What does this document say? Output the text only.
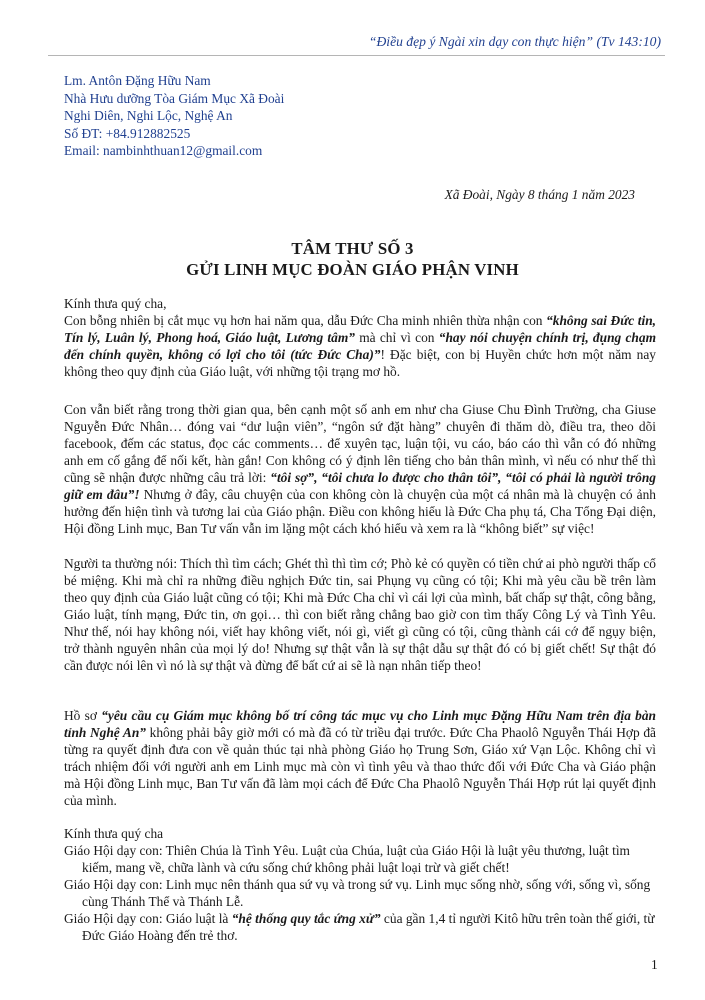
“Điều đẹp ý Ngài xin dạy con thực hiện” (Tv 143:10)
Lm. Antôn Đặng Hữu Nam
Nhà Hưu dưỡng Tòa Giám Mục Xã Đoài
Nghi Diên, Nghi Lộc, Nghệ An
Số ĐT: +84.912882525
Email: nambinhthuan12@gmail.com
Xã Đoài, Ngày 8 tháng 1 năm 2023
TÂM THƯ SỐ 3
GỬI LINH MỤC ĐOÀN GIÁO PHẬN VINH

Kính thưa quý cha,

Con bỗng nhiên bị cắt mục vụ hơn hai năm qua, dẫu Đức Cha minh nhiên thừa nhận con “không sai Đức tin, Tín lý, Luân lý, Phong hoá, Giáo luật, Lương tâm” mà chỉ vì con “hay nói chuyện chính trị, đụng chạm đến chính quyền, không có lợi cho tôi (tức Đức Cha)”! Đặc biệt, con bị Huyền chức hơn một năm nay không theo quy định của Giáo luật, với những tội trạng mơ hồ.

Con vẫn biết rằng trong thời gian qua, bên cạnh một số anh em như cha Giuse Chu Đình Trường, cha Giuse Nguyễn Đức Nhân… đóng vai “dư luận viên”, “ngôn sứ đặt hàng” chuyên đi thăm dò, điều tra, theo dõi facebook, đếm các status, đọc các comments… để xuyên tạc, luận tội, vu cáo, báo cáo thì vẫn có đó những anh em cố gắng để nối kết, hàn gắn! Con không có ý định lên tiếng cho bản thân mình, vì nếu có như thế thì cũng sẽ nhận được những câu trả lời: “tôi sợ”, “tôi chưa lo được cho thân tôi”, “tôi có phải là người trông giữ em đâu”! Nhưng ở đây, câu chuyện của con không còn là chuyện của một cá nhân mà là chuyện có ảnh hưởng đến hiện tình và tương lai của Giáo phận. Điều con không hiểu là Đức Cha phụ tá, Cha Tổng Đại diện, Hội đồng Linh mục, Ban Tư vấn vẫn im lặng một cách khó hiểu và xem ra là “không biết” sự việc!

Người ta thường nói: Thích thì tìm cách; Ghét thì thì tìm cớ; Phò kẻ có quyền có tiền chứ ai phò người thấp cổ bé miệng. Khi mà chỉ ra những điều nghịch Đức tin, sai Phụng vụ cũng có tội; Khi mà yêu cầu bề trên làm theo quy định của Giáo luật cũng có tội; Khi mà Đức Cha chỉ vì cái lợi của mình, bất chấp sự thật, công bằng, Giáo luật, tính mạng, Đức tin, ơn gọi… thì con biết rằng chẳng bao giờ con tìm thấy Công Lý và Tình Yêu. Như thế, nói hay không nói, viết hay không viết, nói gì, viết gì cũng có tội, cũng thành cái cớ để ngụy biện, trở thành nguyên nhân của mọi lý do! Nhưng sự thật vẫn là sự thật dẫu sự thật đó có bị giết chết! Sự thật đó cần được nói lên vì nó là sự thật và đừng để bất cứ ai sẽ là nạn nhân tiếp theo!

Hồ sơ “yêu cầu cụ Giám mục không bố trí công tác mục vụ cho Linh mục Đặng Hữu Nam trên địa bàn tỉnh Nghệ An” không phải bây giờ mới có mà đã có từ triều đại trước. Đức Cha Phaolô Nguyễn Thái Hợp đã từng ra quyết định đưa con về quản thúc tại nhà phòng Giáo họ Trung Sơn, Giáo xứ Vạn Lộc. Không chỉ vì trách nhiệm đối với người anh em Linh mục mà còn vì tình yêu và thao thức đối với Đức Cha và Giáo phận mà Hội đồng Linh mục, Ban Tư vấn đã làm mọi cách để Đức Cha Phaolô Nguyễn Thái Hợp rút lại quyết định của mình.

Kính thưa quý cha

Giáo Hội dạy con: Thiên Chúa là Tình Yêu. Luật của Chúa, luật của Giáo Hội là luật yêu thương, luật tìm kiếm, mang về, chữa lành và cứu sống chứ không phải luật loại trừ và giết chết!

Giáo Hội dạy con: Linh mục nên thánh qua sứ vụ và trong sứ vụ. Linh mục sống nhờ, sống với, sống vì, sống cùng Thánh Thể và Thánh Lễ.

Giáo Hội dạy con: Giáo luật là “hệ thống quy tắc ứng xử” của gần 1,4 tỉ người Kitô hữu trên toàn thế giới, từ Đức Giáo Hoàng đến trẻ thơ.

1
